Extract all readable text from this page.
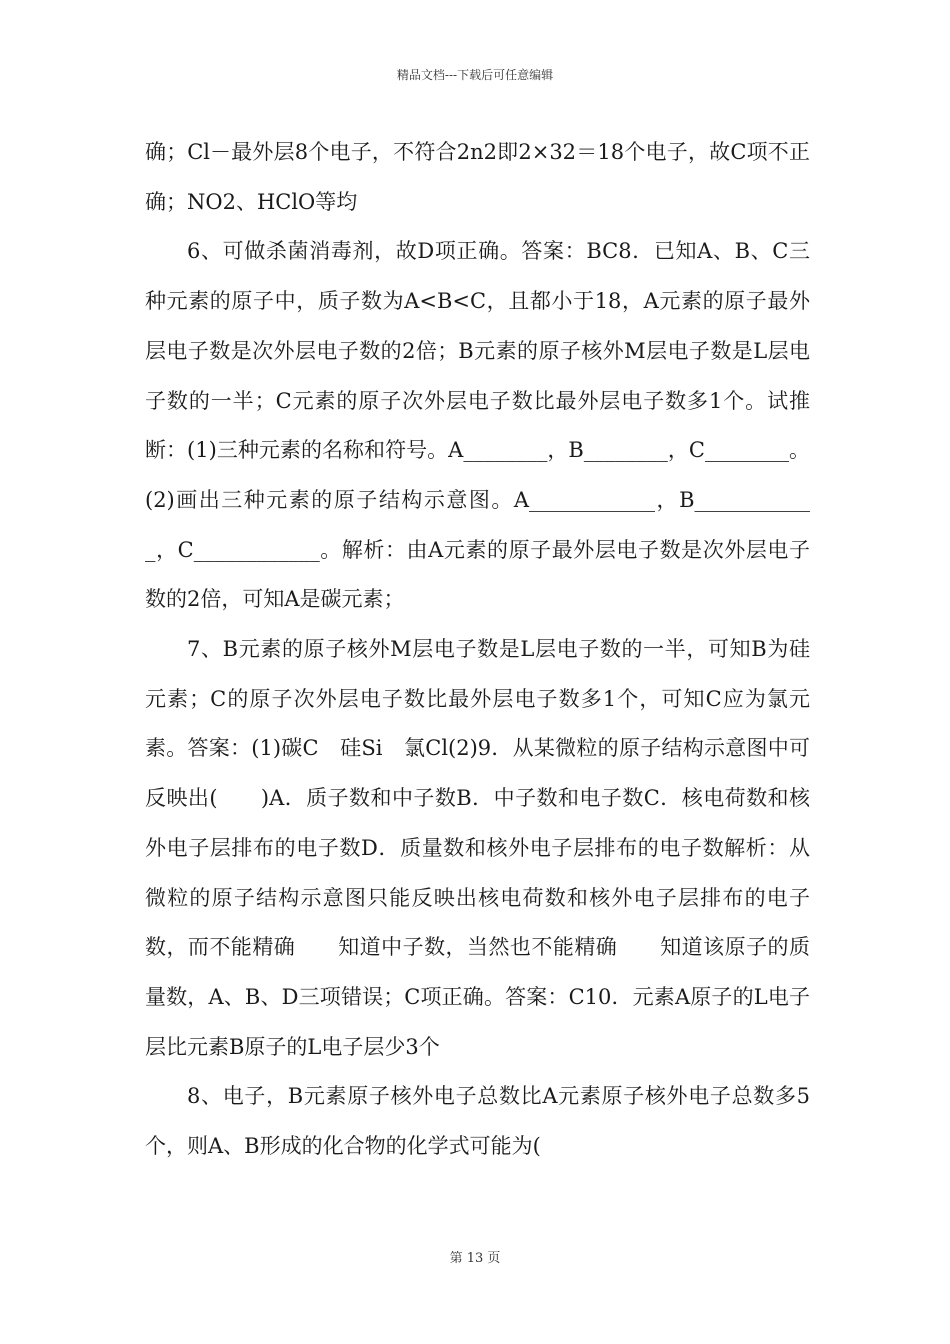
精品文档---下载后可任意编辑

确；Cl－最外层8个电子，不符合2n2即2×32＝18个电子，故C项不正确；NO2、HClO等均

6、可做杀菌消毒剂，故D项正确。答案：BC8．已知A、B、C三种元素的原子中，质子数为A<B<C，且都小于18，A元素的原子最外层电子数是次外层电子数的2倍；B元素的原子核外M层电子数是L层电子数的一半；C元素的原子次外层电子数比最外层电子数多1个。试推断：(1)三种元素的名称和符号。A________，B________，C________。(2)画出三种元素的原子结构示意图。A____________，B____________，C____________。解析：由A元素的原子最外层电子数是次外层电子数的2倍，可知A是碳元素；

7、B元素的原子核外M层电子数是L层电子数的一半，可知B为硅元素；C的原子次外层电子数比最外层电子数多1个，可知C应为氯元素。答案：(1)碳C　硅Si　氯Cl(2)9．从某微粒的原子结构示意图中可反映出(　　)A．质子数和中子数B．中子数和电子数C．核电荷数和核外电子层排布的电子数D．质量数和核外电子层排布的电子数解析：从微粒的原子结构示意图只能反映出核电荷数和核外电子层排布的电子数，而不能精确　　知道中子数，当然也不能精确　　知道该原子的质量数，A、B、D三项错误；C项正确。答案：C10．元素A原子的L电子层比元素B原子的L电子层少3个

8、电子，B元素原子核外电子总数比A元素原子核外电子总数多5个，则A、B形成的化合物的化学式可能为(

第 13 页
